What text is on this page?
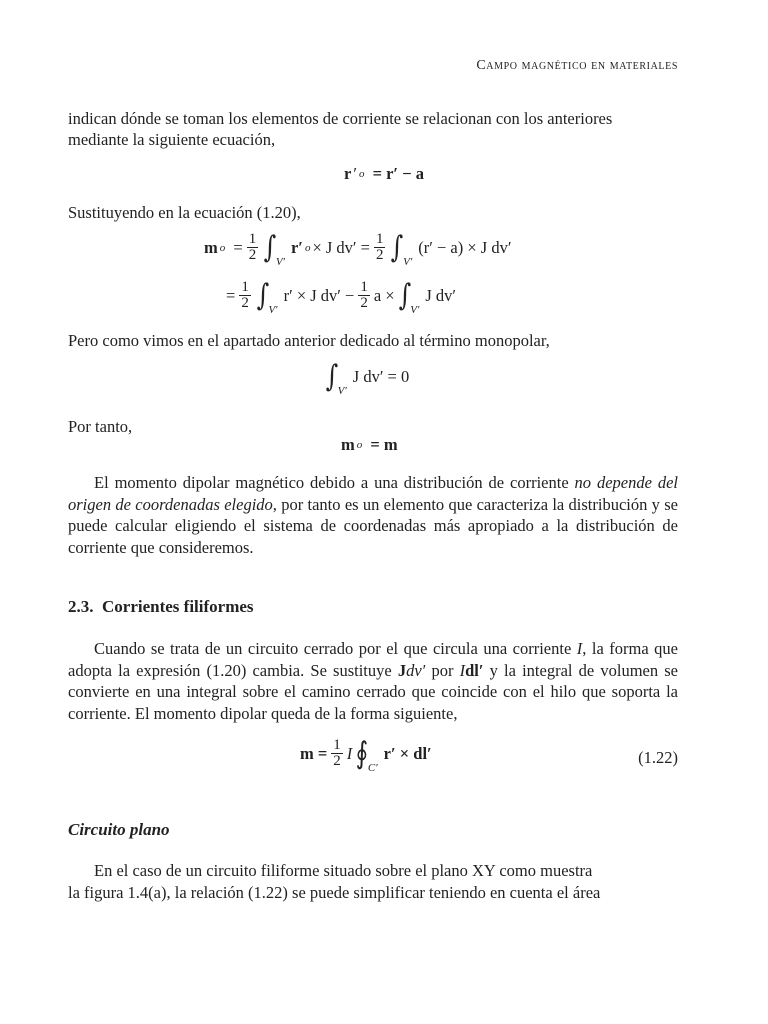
Campo magnético en materiales
indican dónde se toman los elementos de corriente se relacionan con los anteriores
mediante la siguiente ecuación,
r ′ o
= r′ − a
Sustituyendo en la ecuación (1.20),
m o
= $\frac{1}{2}$ ∫ V′
r′ o × J $dv' = \frac{1}{2}$ ∫ V′
(r′ − a) × J dv′
= $\frac{1}{2}$ ∫ V′
r′ × J $dv' - \frac{1}{2}$ a × ∫ V′
J dv′
Pero como vimos en el apartado anterior dedicado al término monopolar,
∫ V′
J dv′ = 0
Por tanto,
m o
= m
El momento dipolar magnético debido a una distribución de corriente no depende del origen de coordenadas elegido, por tanto es un elemento que caracteriza la distribución y se puede calcular eligiendo el sistema de coordenadas más apropiado a la distribución de corriente que consideremos.
2.3. Corrientes filiformes
Cuando se trata de un circuito cerrado por el que circula una corriente I, la forma que adopta la expresión (1.20) cambia. Se sustituye Jdv′ por Idl′ y la integral de volumen se convierte en una integral sobre el camino cerrado que coincide con el hilo que soporta la corriente. El momento dipolar queda de la forma siguiente,
$m = \frac{1}{2}$ I ∮ C′
r′ × dl′	(1.22)
Circuito plano
En el caso de un circuito filiforme situado sobre el plano XY como muestra
la figura 1.4(a), la relación (1.22) se puede simplificar teniendo en cuenta el área
